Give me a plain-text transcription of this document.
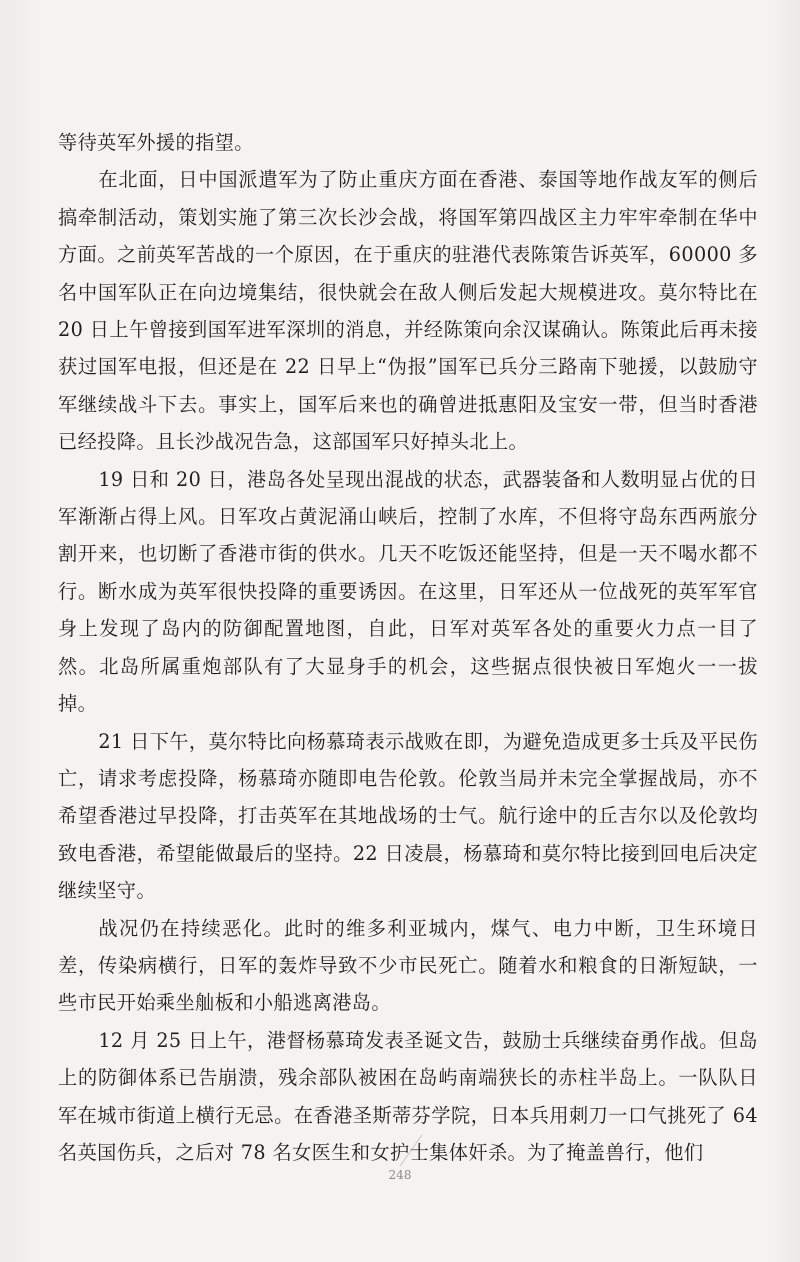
等待英军外援的指望。

在北面，日中国派遣军为了防止重庆方面在香港、泰国等地作战友军的侧后搞牵制活动，策划实施了第三次长沙会战，将国军第四战区主力牢牢牵制在华中方面。之前英军苦战的一个原因，在于重庆的驻港代表陈策告诉英军，60000 多名中国军队正在向边境集结，很快就会在敌人侧后发起大规模进攻。莫尔特比在 20 日上午曾接到国军进军深圳的消息，并经陈策向余汉谋确认。陈策此后再未接获过国军电报，但还是在 22 日早上“伪报”国军已兵分三路南下驰援，以鼓励守军继续战斗下去。事实上，国军后来也的确曾进抵惠阳及宝安一带，但当时香港已经投降。且长沙战况告急，这部国军只好掉头北上。

19 日和 20 日，港岛各处呈现出混战的状态，武器装备和人数明显占优的日军渐渐占得上风。日军攻占黄泥涌山峡后，控制了水库，不但将守岛东西两旅分割开来，也切断了香港市街的供水。几天不吃饭还能坚持，但是一天不喝水都不行。断水成为英军很快投降的重要诱因。在这里，日军还从一位战死的英军军官身上发现了岛内的防御配置地图，自此，日军对英军各处的重要火力点一目了然。北岛所属重炮部队有了大显身手的机会，这些据点很快被日军炮火一一拔掉。

21 日下午，莫尔特比向杨慕琦表示战败在即，为避免造成更多士兵及平民伤亡，请求考虑投降，杨慕琦亦随即电告伦敦。伦敦当局并未完全掌握战局，亦不希望香港过早投降，打击英军在其地战场的士气。航行途中的丘吉尔以及伦敦均致电香港，希望能做最后的坚持。22 日凌晨，杨慕琦和莫尔特比接到回电后决定继续坚守。

战况仍在持续恶化。此时的维多利亚城内，煤气、电力中断，卫生环境日差，传染病横行，日军的轰炸导致不少市民死亡。随着水和粮食的日渐短缺，一些市民开始乘坐舢板和小船逃离港岛。

12 月 25 日上午，港督杨慕琦发表圣诞文告，鼓励士兵继续奋勇作战。但岛上的防御体系已告崩溃，残余部队被困在岛屿南端狭长的赤柱半岛上。一队队日军在城市街道上横行无忌。在香港圣斯蒂芬学院，日本兵用刺刀一口气挑死了 64 名英国伤兵，之后对 78 名女医生和女护士集体奸杀。为了掩盖兽行，他们

248
